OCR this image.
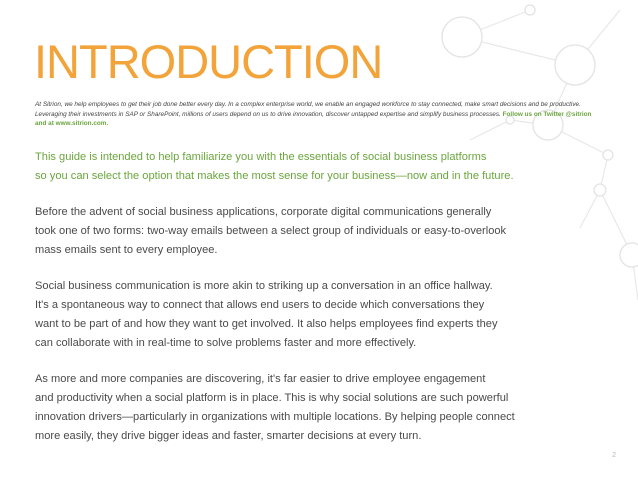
INTRODUCTION

At Sitrion, we help employees to get their job done better every day. In a complex enterprise world, we enable an engaged workforce to stay connected, make smart decisions and be productive. Leveraging their investments in SAP or SharePoint, millions of users depend on us to drive innovation, discover untapped expertise and simplify business processes. Follow us on Twitter @sitrion and at www.sitrion.com.

This guide is intended to help familiarize you with the essentials of social business platforms
so you can select the option that makes the most sense for your business—now and in the future.

Before the advent of social business applications, corporate digital communications generally
took one of two forms: two-way emails between a select group of individuals or easy-to-overlook
mass emails sent to every employee.

Social business communication is more akin to striking up a conversation in an office hallway.
It's a spontaneous way to connect that allows end users to decide which conversations they
want to be part of and how they want to get involved. It also helps employees find experts they
can collaborate with in real-time to solve problems faster and more effectively.

As more and more companies are discovering, it's far easier to drive employee engagement
and productivity when a social platform is in place. This is why social solutions are such powerful
innovation drivers—particularly in organizations with multiple locations. By helping people connect
more easily, they drive bigger ideas and faster, smarter decisions at every turn.

2
